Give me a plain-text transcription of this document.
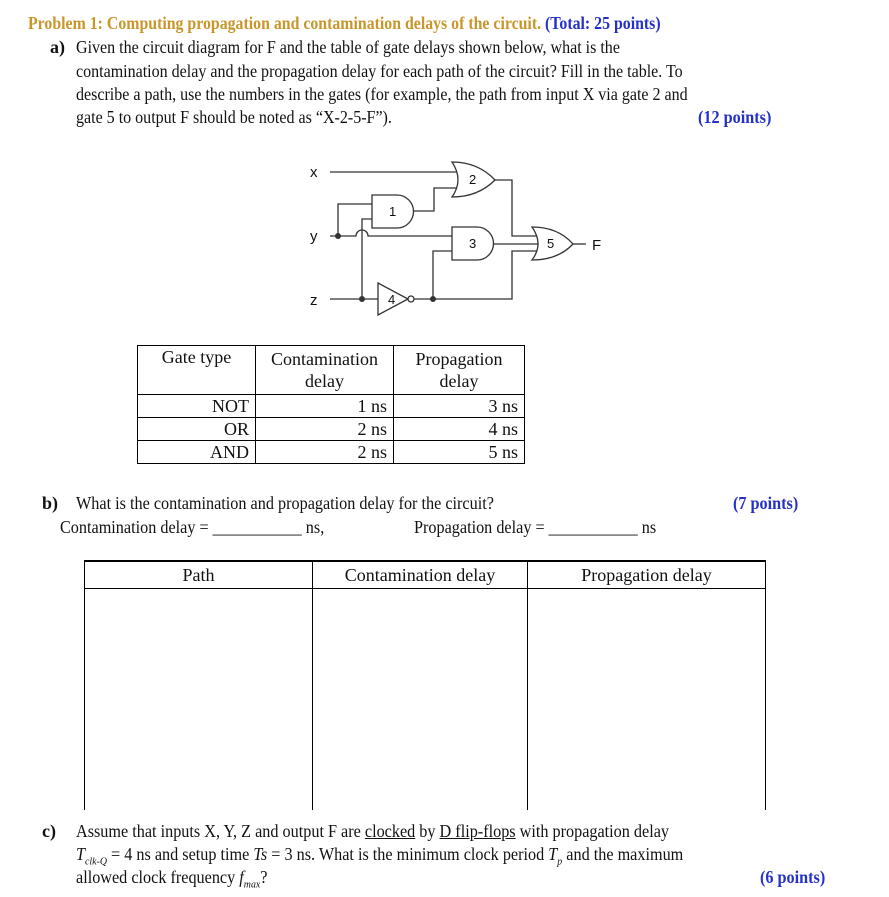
Problem 1: Computing propagation and contamination delays of the circuit. (Total: 25 points)
a) Given the circuit diagram for F and the table of gate delays shown below, what is the
contamination delay and the propagation delay for each path of the circuit? Fill in the table. To
describe a path, use the numbers in the gates (for example, the path from input X via gate 2 and
gate 5 to output F should be noted as “X-2-5-F”).	(12 points)
x
y
z
F
1
2
3
4
5
Gate type	Contamination delay	Propagation delay
NOT	1 ns	3 ns
OR	2 ns	4 ns
AND	2 ns	5 ns
b) What is the contamination and propagation delay for the circuit?	(7 points)
Contamination delay = ___________ ns,	Propagation delay = ___________ ns
Path	Contamination delay	Propagation delay

c) Assume that inputs X, Y, Z and output F are clocked by D flip-flops with propagation delay
$T_{clk-Q} = 4$ ns and setup time Ts = 3 ns. What is the minimum clock period $T_p$ and the maximum
allowed clock frequency $f_{max}$?	(6 points)
